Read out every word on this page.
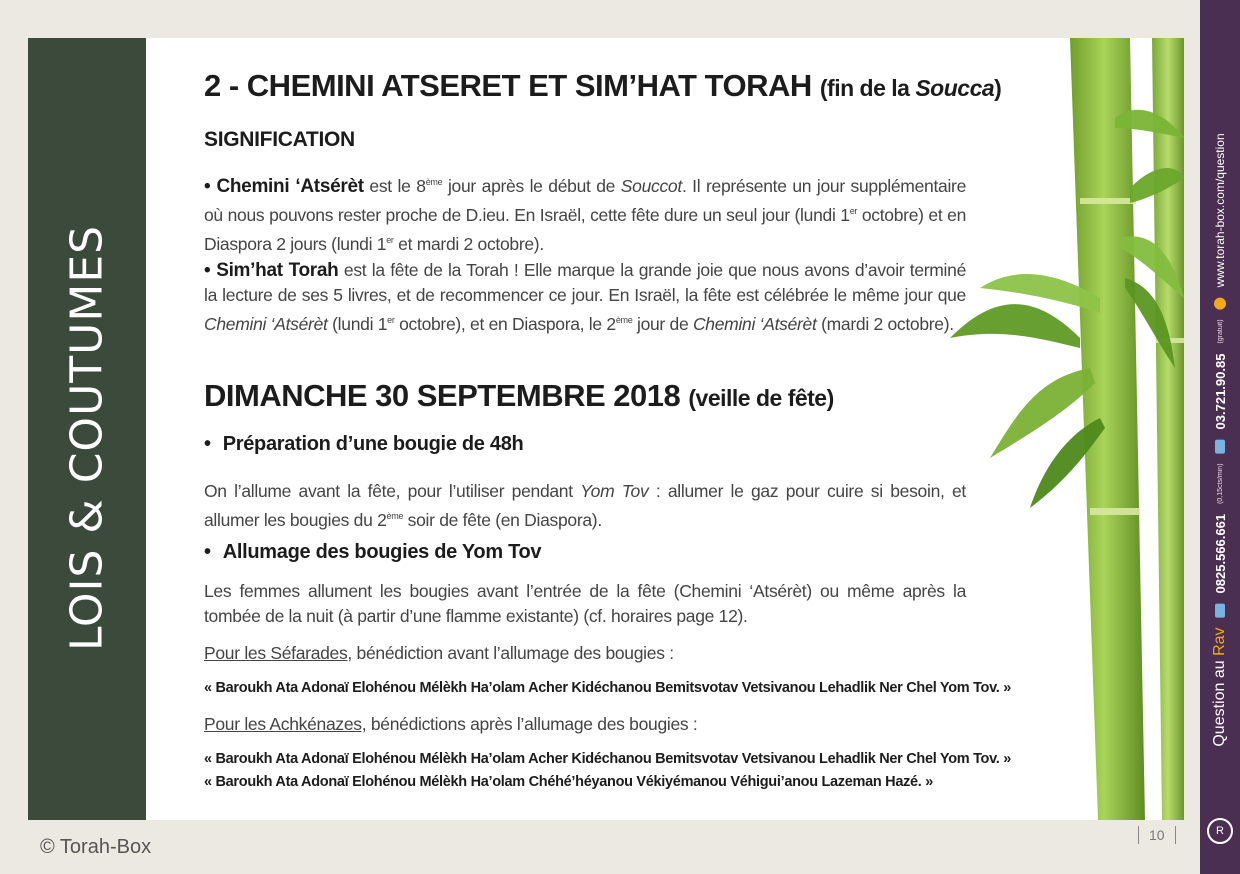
LOIS & COUTUMES
Question au Rav
0825.566.661
(0,15cts/min)
03.721.90.85
(gratuit)
www.torah-box.com/question
R
2 - CHEMINI ATSERET ET SIM’HAT TORAH (fin de la Soucca)
SIGNIFICATION
• Chemini ‘Atsérèt est le 8ème jour après le début de Souccot. Il représente un jour supplémentaire où nous pouvons rester proche de D.ieu. En Israël, cette fête dure un seul jour (lundi 1er octobre) et en Diaspora 2 jours (lundi 1er et mardi 2 octobre).
• Sim’hat Torah est la fête de la Torah ! Elle marque la grande joie que nous avons d’avoir terminé la lecture de ses 5 livres, et de recommencer ce jour. En Israël, la fête est célébrée le même jour que Chemini ‘Atsérèt (lundi 1er octobre), et en Diaspora, le 2ème jour de Chemini ‘Atsérèt (mardi 2 octobre).
DIMANCHE 30 SEPTEMBRE 2018 (veille de fête)
• Préparation d’une bougie de 48h
On l’allume avant la fête, pour l’utiliser pendant Yom Tov : allumer le gaz pour cuire si besoin, et allumer les bougies du 2ème soir de fête (en Diaspora).
• Allumage des bougies de Yom Tov
Les femmes allument les bougies avant l’entrée de la fête (Chemini ‘Atsérèt) ou même après la tombée de la nuit (à partir d’une flamme existante) (cf. horaires page 12).
Pour les Séfarades, bénédiction avant l’allumage des bougies :
« Baroukh Ata Adonaï Elohénou Mélèkh Ha’olam Acher Kidéchanou Bemitsvotav Vetsivanou Lehadlik Ner Chel Yom Tov. »
Pour les Achkénazes, bénédictions après l’allumage des bougies :
« Baroukh Ata Adonaï Elohénou Mélèkh Ha’olam Acher Kidéchanou Bemitsvotav Vetsivanou Lehadlik Ner Chel Yom Tov. »
« Baroukh Ata Adonaï Elohénou Mélèkh Ha’olam Chéhé’héyanou Vékiyémanou Véhigui’anou Lazeman Hazé. »
© Torah-Box
10
